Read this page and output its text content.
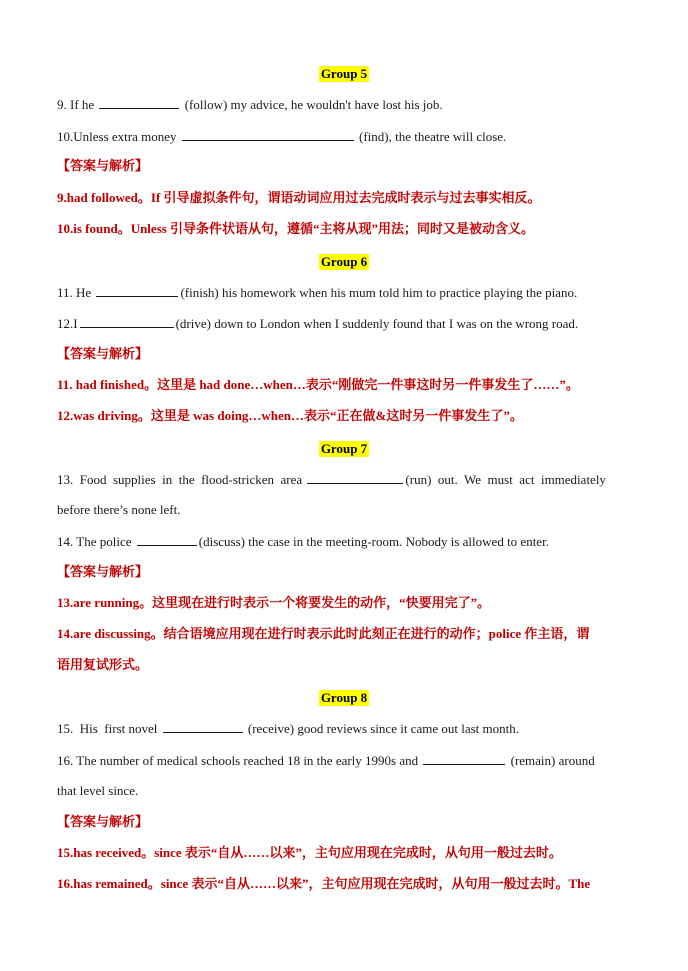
Group 5
9. If he	(follow) my advice, he wouldn't have lost his job.
10.Unless extra money	(find), the theatre will close.
【答案与解析】
9.had followed。If 引导虚拟条件句，谓语动词应用过去完成时表示与过去事实相反。
10.is found。Unless 引导条件状语从句，遵循“主将从现”用法；同时又是被动含义。
Group 6
11. He	(finish) his homework when his mum told him to practice playing the piano.
12.I	(drive) down to London when I suddenly found that I was on the wrong road.
【答案与解析】
11. had finished。这里是 had done…when…表示“刚做完一件事这时另一件事发生了……”。
12.was driving。这里是 was doing…when…表示“正在做&这时另一件事发生了”。
Group 7
13.  Food  supplies  in  the  flood-stricken  area	(run)  out.  We  must  act  immediately
before there’s none left.
14. The police	(discuss) the case in the meeting-room. Nobody is allowed to enter.
【答案与解析】
13.are running。这里现在进行时表示一个将要发生的动作，“快要用完了”。
14.are discussing。结合语境应用现在进行时表示此时此刻正在进行的动作；police 作主语，谓
语用复试形式。
Group 8
15.  His  first novel	(receive) good reviews since it came out last month.
16. The number of medical schools reached 18 in the early 1990s and	(remain) around
that level since.
【答案与解析】
15.has received。since 表示“自从……以来”，主句应用现在完成时，从句用一般过去时。
16.has remained。since 表示“自从……以来”，主句应用现在完成时，从句用一般过去时。The
